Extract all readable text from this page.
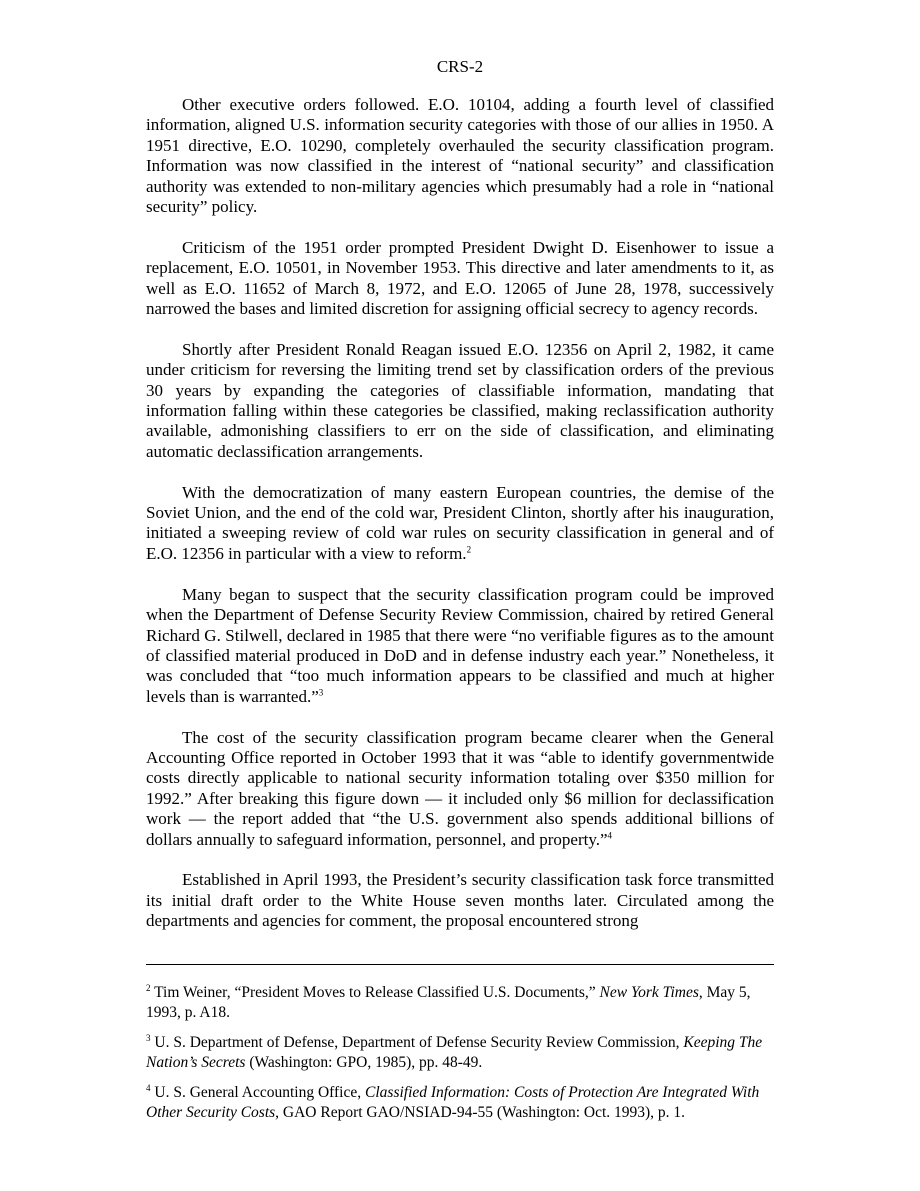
CRS-2

Other executive orders followed. E.O. 10104, adding a fourth level of classified information, aligned U.S. information security categories with those of our allies in 1950. A 1951 directive, E.O. 10290, completely overhauled the security classification program. Information was now classified in the interest of “national security” and classification authority was extended to non-military agencies which presumably had a role in “national security” policy.

Criticism of the 1951 order prompted President Dwight D. Eisenhower to issue a replacement, E.O. 10501, in November 1953. This directive and later amendments to it, as well as E.O. 11652 of March 8, 1972, and E.O. 12065 of June 28, 1978, successively narrowed the bases and limited discretion for assigning official secrecy to agency records.

Shortly after President Ronald Reagan issued E.O. 12356 on April 2, 1982, it came under criticism for reversing the limiting trend set by classification orders of the previous 30 years by expanding the categories of classifiable information, mandating that information falling within these categories be classified, making reclassification authority available, admonishing classifiers to err on the side of classification, and eliminating automatic declassification arrangements.

With the democratization of many eastern European countries, the demise of the Soviet Union, and the end of the cold war, President Clinton, shortly after his inauguration, initiated a sweeping review of cold war rules on security classification in general and of E.O. 12356 in particular with a view to reform.$^2$

Many began to suspect that the security classification program could be improved when the Department of Defense Security Review Commission, chaired by retired General Richard G. Stilwell, declared in 1985 that there were “no verifiable figures as to the amount of classified material produced in DoD and in defense industry each year.” Nonetheless, it was concluded that “too much information appears to be classified and much at higher levels than is warranted.”$^3$

The cost of the security classification program became clearer when the General Accounting Office reported in October 1993 that it was “able to identify governmentwide costs directly applicable to national security information totaling over $350 million for 1992.” After breaking this figure down — it included only $6 million for declassification work — the report added that “the U.S. government also spends additional billions of dollars annually to safeguard information, personnel, and property.”$^4$

Established in April 1993, the President’s security classification task force transmitted its initial draft order to the White House seven months later. Circulated among the departments and agencies for comment, the proposal encountered strong

$^2$ Tim Weiner, “President Moves to Release Classified U.S. Documents,” New York Times, May 5, 1993, p. A18.

$^3$ U. S. Department of Defense, Department of Defense Security Review Commission, Keeping The Nation’s Secrets (Washington: GPO, 1985), pp. 48-49.

$^4$ U. S. General Accounting Office, Classified Information: Costs of Protection Are Integrated With Other Security Costs, GAO Report GAO/NSIAD-94-55 (Washington: Oct. 1993), p. 1.
